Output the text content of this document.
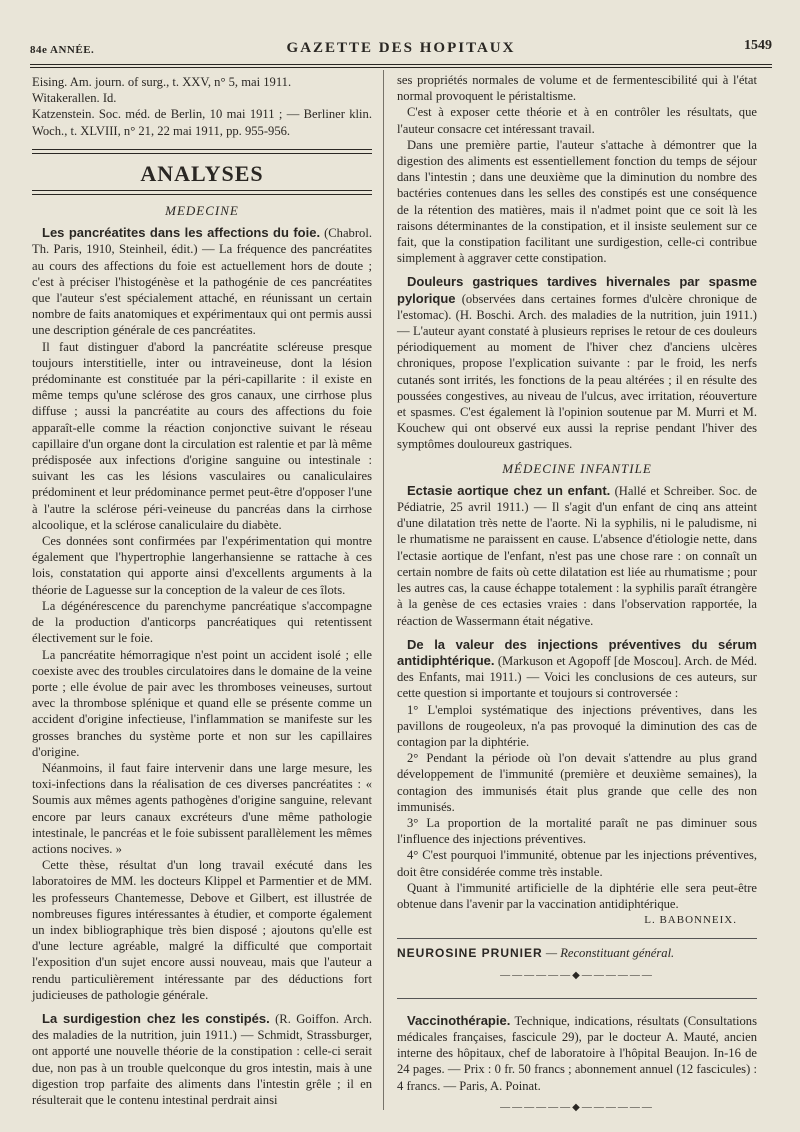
84e ANNÉE.	GAZETTE DES HOPITAUX	1549

Eising. Am. journ. of surg., t. XXV, n° 5, mai 1911.

Witakerallen. Id.

Katzenstein. Soc. méd. de Berlin, 10 mai 1911 ; — Berliner klin. Woch., t. XLVIII, n° 21, 22 mai 1911, pp. 955-956.

ANALYSES
MEDECINE

Les pancréatites dans les affections du foie. (Chabrol. Th. Paris, 1910, Steinheil, édit.) — La fréquence des pancréatites au cours des affections du foie est actuellement hors de doute ; c'est à préciser l'histogénèse et la pathogénie de ces pancréatites que l'auteur s'est spécialement attaché, en réunissant un certain nombre de faits anatomiques et expérimentaux qui ont permis aussi une description générale de ces pancréatites.

Il faut distinguer d'abord la pancréatite scléreuse presque toujours interstitielle, inter ou intraveineuse, dont la lésion prédominante est constituée par la péri-capillarite : il existe en même temps qu'une sclérose des gros canaux, une cirrhose plus diffuse ; aussi la pancréatite au cours des affections du foie apparaît-elle comme la réaction conjonctive suivant le réseau capillaire d'un organe dont la circulation est ralentie et par là même prédisposée aux infections d'origine sanguine ou intestinale : suivant les cas les lésions vasculaires ou canaliculaires prédominent et leur prédominance permet peut-être d'opposer l'une à l'autre la sclérose péri-veineuse du pancréas dans la cirrhose alcoolique, et la sclérose canaliculaire du diabète.

Ces données sont confirmées par l'expérimentation qui montre également que l'hypertrophie langerhansienne se rattache à ces lois, constatation qui apporte ainsi d'excellents arguments à la théorie de Laguesse sur la conception de la valeur de ces îlots.

La dégénérescence du parenchyme pancréatique s'accompagne de la production d'anticorps pancréatiques qui retentissent électivement sur le foie.

La pancréatite hémorragique n'est point un accident isolé ; elle coexiste avec des troubles circulatoires dans le domaine de la veine porte ; elle évolue de pair avec les thromboses veineuses, surtout avec la thrombose splénique et quand elle se présente comme un accident d'origine infectieuse, l'inflammation se manifeste sur les grosses branches du système porte et non sur les capillaires d'origine.

Néanmoins, il faut faire intervenir dans une large mesure, les toxi-infections dans la réalisation de ces diverses pancréatites : « Soumis aux mêmes agents pathogènes d'origine sanguine, relevant encore par leurs canaux excréteurs d'une même pathologie intestinale, le pancréas et le foie subissent parallèlement les mêmes actions nocives. »

Cette thèse, résultat d'un long travail exécuté dans les laboratoires de MM. les docteurs Klippel et Parmentier et de MM. les professeurs Chantemesse, Debove et Gilbert, est illustrée de nombreuses figures intéressantes à étudier, et comporte également un index bibliographique très bien disposé ; ajoutons qu'elle est d'une lecture agréable, malgré la difficulté que comportait l'exposition d'un sujet encore aussi nouveau, mais que l'auteur a rendu particulièrement intéressante par des déductions fort judicieuses de pathologie générale.

La surdigestion chez les constipés. (R. Goiffon. Arch. des maladies de la nutrition, juin 1911.) — Schmidt, Strassburger, ont apporté une nouvelle théorie de la constipation : celle-ci serait due, non pas à un trouble quelconque du gros intestin, mais à une digestion trop parfaite des aliments dans l'intestin grêle ; il en résulterait que le contenu intestinal perdrait ainsi

ses propriétés normales de volume et de fermentescibilité qui à l'état normal provoquent le péristaltisme.

C'est à exposer cette théorie et à en contrôler les résultats, que l'auteur consacre cet intéressant travail.

Dans une première partie, l'auteur s'attache à démontrer que la digestion des aliments est essentiellement fonction du temps de séjour dans l'intestin ; dans une deuxième que la diminution du nombre des bactéries contenues dans les selles des constipés est une conséquence de la rétention des matières, mais il n'admet point que ce soit là les raisons déterminantes de la constipation, et il insiste seulement sur ce fait, que la constipation facilitant une surdigestion, celle-ci contribue simplement à aggraver cette constipation.

Douleurs gastriques tardives hivernales par spasme pylorique (observées dans certaines formes d'ulcère chronique de l'estomac). (H. Boschi. Arch. des maladies de la nutrition, juin 1911.) — L'auteur ayant constaté à plusieurs reprises le retour de ces douleurs périodiquement au moment de l'hiver chez d'anciens ulcères chroniques, propose l'explication suivante : par le froid, les nerfs cutanés sont irrités, les fonctions de la peau altérées ; il en résulte des poussées congestives, au niveau de l'ulcus, avec irritation, réouverture et spasmes. C'est également là l'opinion soutenue par M. Murri et M. Kouchew qui ont observé eux aussi la reprise pendant l'hiver des symptômes douloureux gastriques.

MÉDECINE INFANTILE

Ectasie aortique chez un enfant. (Hallé et Schreiber. Soc. de Pédiatrie, 25 avril 1911.) — Il s'agit d'un enfant de cinq ans atteint d'une dilatation très nette de l'aorte. Ni la syphilis, ni le paludisme, ni le rhumatisme ne paraissent en cause. L'absence d'étiologie nette, dans l'ectasie aortique de l'enfant, n'est pas une chose rare : on connaît un certain nombre de faits où cette dilatation est liée au rhumatisme ; pour les autres cas, la cause échappe totalement : la syphilis paraît étrangère à la genèse de ces ectasies vraies : dans l'observation rapportée, la réaction de Wassermann était négative.

De la valeur des injections préventives du sérum antidiphtérique. (Markuson et Agopoff [de Moscou]. Arch. de Méd. des Enfants, mai 1911.) — Voici les conclusions de ces auteurs, sur cette question si importante et toujours si controversée :

1° L'emploi systématique des injections préventives, dans les pavillons de rougeoleux, n'a pas provoqué la diminution des cas de contagion par la diphtérie.

2° Pendant la période où l'on devait s'attendre au plus grand développement de l'immunité (première et deuxième semaines), la contagion des immunisés était plus grande que celle des non immunisés.

3° La proportion de la mortalité paraît ne pas diminuer sous l'influence des injections préventives.

4° C'est pourquoi l'immunité, obtenue par les injections préventives, doit être considérée comme très instable.

Quant à l'immunité artificielle de la diphtérie elle sera peut-être obtenue dans l'avenir par la vaccination antidiphtérique.

L. BABONNEIX.
NEUROSINE PRUNIER — Reconstituant général.
——————◆——————

Vaccinothérapie. Technique, indications, résultats (Consultations médicales françaises, fascicule 29), par le docteur A. Mauté, ancien interne des hôpitaux, chef de laboratoire à l'hôpital Beaujon. In-16 de 24 pages. — Prix : 0 fr. 50 francs ; abonnement annuel (12 fascicules) : 4 francs. — Paris, A. Poinat.

——————◆——————
